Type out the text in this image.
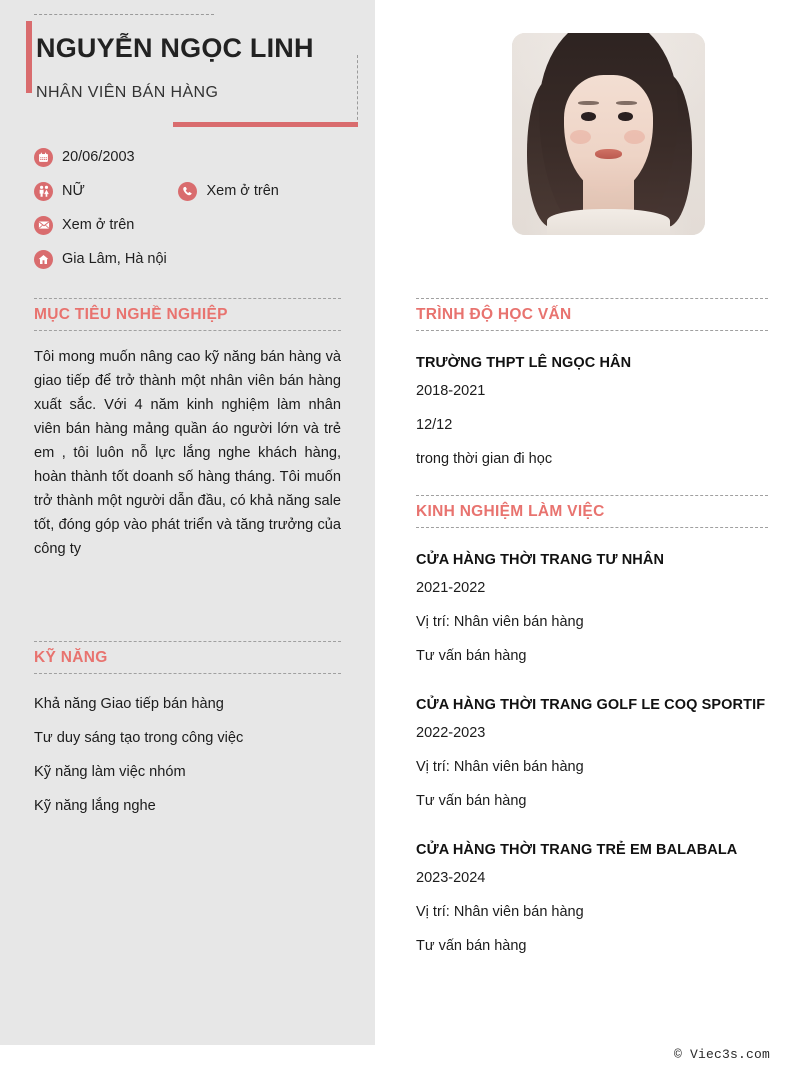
NGUYỄN NGỌC LINH
NHÂN VIÊN BÁN HÀNG
20/06/2003
NỮ
	Xem ở trên
Xem ở trên
Gia Lâm, Hà nội
MỤC TIÊU NGHỀ NGHIỆP

Tôi mong muốn nâng cao kỹ năng bán hàng và giao tiếp để trở thành một nhân viên bán hàng xuất sắc. Với 4 năm kinh nghiệm làm nhân viên bán hàng mảng quần áo người lớn và trẻ em , tôi luôn nỗ lực lắng nghe khách hàng, hoàn thành tốt doanh số hàng tháng. Tôi muốn trở thành một người dẫn đầu, có khả năng sale tốt, đóng góp vào phát triển và tăng trưởng của công ty

KỸ NĂNG
Khả năng Giao tiếp bán hàng
Tư duy sáng tạo trong công việc
Kỹ năng làm việc nhóm
Kỹ năng lắng nghe
TRÌNH ĐỘ HỌC VẤN
TRƯỜNG THPT LÊ NGỌC HÂN
2018-2021
12/12
trong thời gian đi học
KINH NGHIỆM LÀM VIỆC
CỬA HÀNG THỜI TRANG TƯ NHÂN
2021-2022
Vị trí: Nhân viên bán hàng
Tư vấn bán hàng
CỬA HÀNG THỜI TRANG GOLF LE COQ SPORTIF
2022-2023
Vị trí: Nhân viên bán hàng
Tư vấn bán hàng
CỬA HÀNG THỜI TRANG TRẺ EM BALABALA
2023-2024
Vị trí: Nhân viên bán hàng
Tư vấn bán hàng
© Viec3s.com
